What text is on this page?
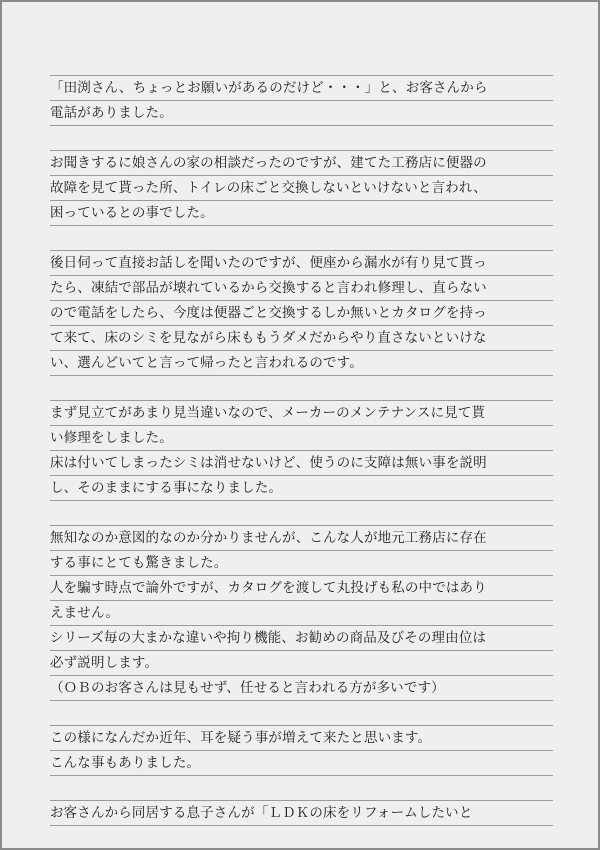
「田渕さん、ちょっとお願いがあるのだけど・・・」と、お客さんから
電話がありました。
お聞きするに娘さんの家の相談だったのですが、建てた工務店に便器の
故障を見て貰った所、トイレの床ごと交換しないといけないと言われ、
困っているとの事でした。
後日伺って直接お話しを聞いたのですが、便座から漏水が有り見て貰っ
たら、凍結で部品が壊れているから交換すると言われ修理し、直らない
ので電話をしたら、今度は便器ごと交換するしか無いとカタログを持っ
て来て、床のシミを見ながら床ももうダメだからやり直さないといけな
い、選んどいてと言って帰ったと言われるのです。
まず見立てがあまり見当違いなので、メーカーのメンテナンスに見て貰
い修理をしました。
床は付いてしまったシミは消せないけど、使うのに支障は無い事を説明
し、そのままにする事になりました。
無知なのか意図的なのか分かりませんが、こんな人が地元工務店に存在
する事にとても驚きました。
人を騙す時点で論外ですが、カタログを渡して丸投げも私の中ではあり
えません。
シリーズ毎の大まかな違いや拘り機能、お勧めの商品及びその理由位は
必ず説明します。
（ＯＢのお客さんは見もせず、任せると言われる方が多いです）
この様になんだか近年、耳を疑う事が増えて来たと思います。
こんな事もありました。
お客さんから同居する息子さんが「ＬＤＫの床をリフォームしたいと
